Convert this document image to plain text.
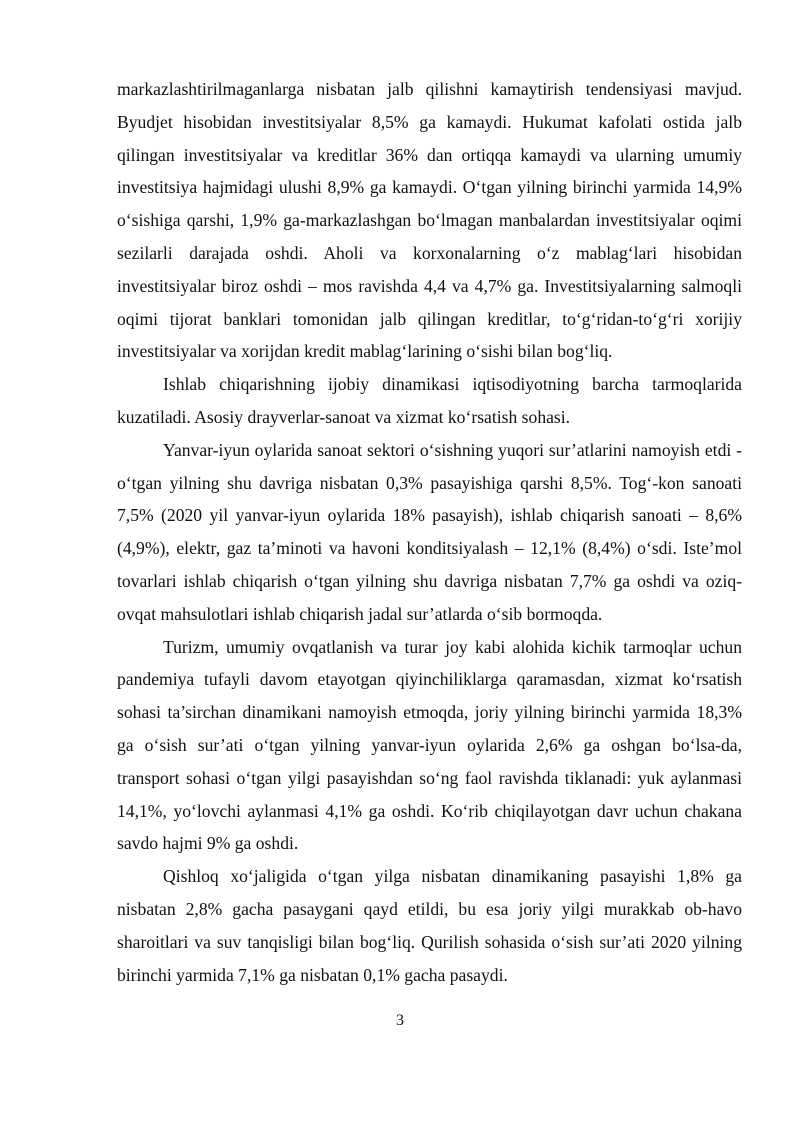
markazlashtirilmaganlarga nisbatan jalb qilishni kamaytirish tendensiyasi mavjud. Byudjet hisobidan investitsiyalar 8,5% ga kamaydi. Hukumat kafolati ostida jalb qilingan investitsiyalar va kreditlar 36% dan ortiqqa kamaydi va ularning umumiy investitsiya hajmidagi ulushi 8,9% ga kamaydi. O‘tgan yilning birinchi yarmida 14,9% o‘sishiga qarshi, 1,9% ga-markazlashgan bo‘lmagan manbalardan investitsiyalar oqimi sezilarli darajada oshdi. Aholi va korxonalarning o‘z mablag‘lari hisobidan investitsiyalar biroz oshdi – mos ravishda 4,4 va 4,7% ga. Investitsiyalarning salmoqli oqimi tijorat banklari tomonidan jalb qilingan kreditlar, to‘g‘ridan-to‘g‘ri xorijiy investitsiyalar va xorijdan kredit mablag‘larining o‘sishi bilan bog‘liq.

Ishlab chiqarishning ijobiy dinamikasi iqtisodiyotning barcha tarmoqlarida kuzatiladi. Asosiy drayverlar-sanoat va xizmat ko‘rsatish sohasi.

Yanvar-iyun oylarida sanoat sektori o‘sishning yuqori sur’atlarini namoyish etdi - o‘tgan yilning shu davriga nisbatan 0,3% pasayishiga qarshi 8,5%. Tog‘-kon sanoati 7,5% (2020 yil yanvar-iyun oylarida 18% pasayish), ishlab chiqarish sanoati – 8,6% (4,9%), elektr, gaz ta’minoti va havoni konditsiyalash – 12,1% (8,4%) o‘sdi. Iste’mol tovarlari ishlab chiqarish o‘tgan yilning shu davriga nisbatan 7,7% ga oshdi va oziq-ovqat mahsulotlari ishlab chiqarish jadal sur’atlarda o‘sib bormoqda.

Turizm, umumiy ovqatlanish va turar joy kabi alohida kichik tarmoqlar uchun pandemiya tufayli davom etayotgan qiyinchiliklarga qaramasdan, xizmat ko‘rsatish sohasi ta’sirchan dinamikani namoyish etmoqda, joriy yilning birinchi yarmida 18,3% ga o‘sish sur’ati o‘tgan yilning yanvar-iyun oylarida 2,6% ga oshgan bo‘lsa-da, transport sohasi o‘tgan yilgi pasayishdan so‘ng faol ravishda tiklanadi: yuk aylanmasi 14,1%, yo‘lovchi aylanmasi 4,1% ga oshdi. Ko‘rib chiqilayotgan davr uchun chakana savdo hajmi 9% ga oshdi.

Qishloq xo‘jaligida o‘tgan yilga nisbatan dinamikaning pasayishi 1,8% ga nisbatan 2,8% gacha pasaygani qayd etildi, bu esa joriy yilgi murakkab ob-havo sharoitlari va suv tanqisligi bilan bog‘liq. Qurilish sohasida o‘sish sur’ati 2020 yilning birinchi yarmida 7,1% ga nisbatan 0,1% gacha pasaydi.

3
